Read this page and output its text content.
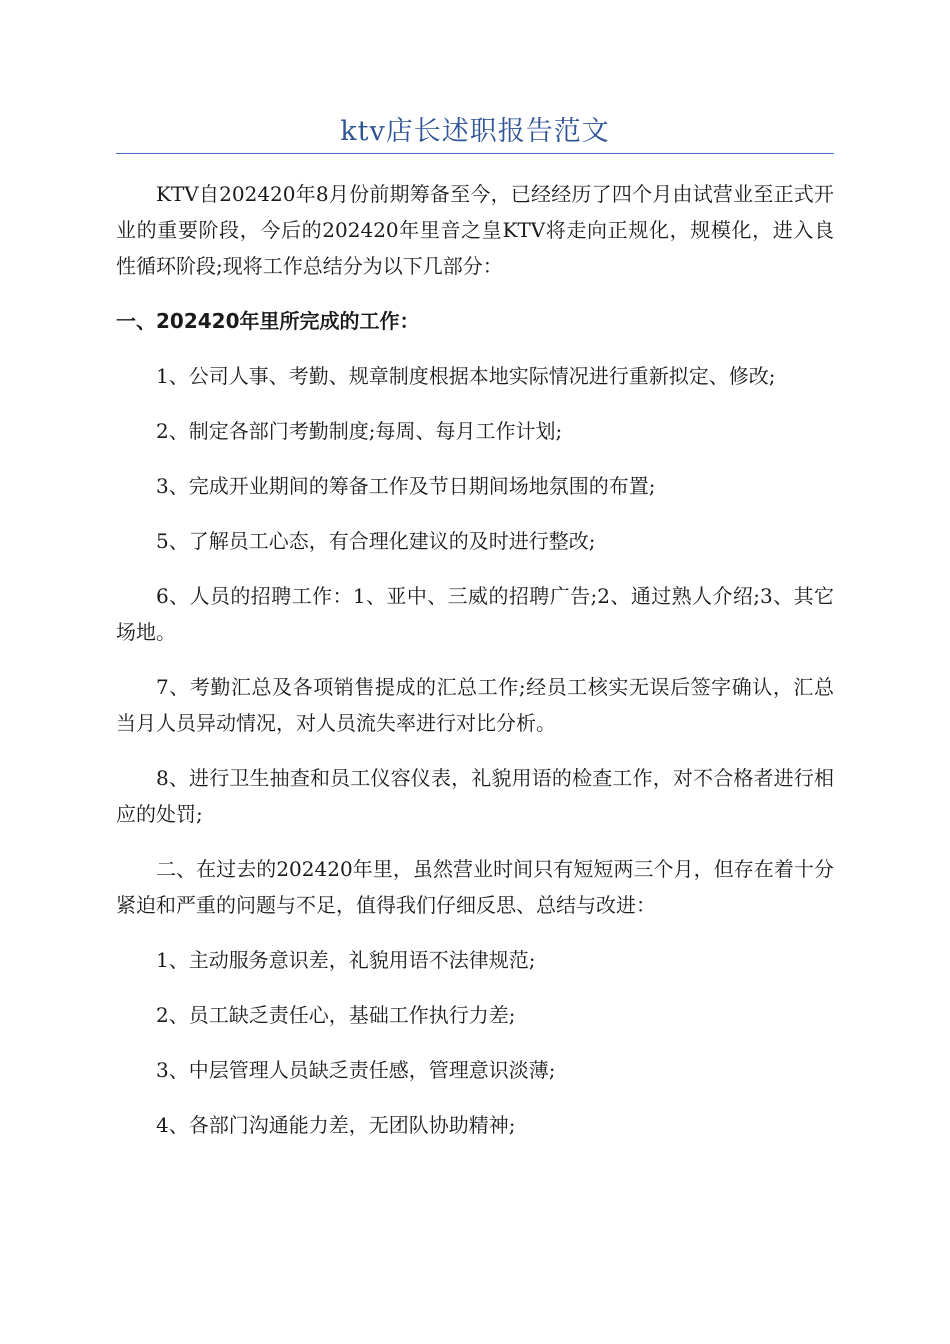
ktv店长述职报告范文

KTV自202420年8月份前期筹备至今，已经经历了四个月由试营业至正式开业的重要阶段，今后的202420年里音之皇KTV将走向正规化，规模化，进入良性循环阶段;现将工作总结分为以下几部分：

一、202420年里所完成的工作：

1、公司人事、考勤、规章制度根据本地实际情况进行重新拟定、修改;

2、制定各部门考勤制度;每周、每月工作计划;

3、完成开业期间的筹备工作及节日期间场地氛围的布置;

5、了解员工心态，有合理化建议的及时进行整改;

6、人员的招聘工作：1、亚中、三威的招聘广告;2、通过熟人介绍;3、其它场地。

7、考勤汇总及各项销售提成的汇总工作;经员工核实无误后签字确认，汇总当月人员异动情况，对人员流失率进行对比分析。

8、进行卫生抽查和员工仪容仪表，礼貌用语的检查工作，对不合格者进行相应的处罚;

二、在过去的202420年里，虽然营业时间只有短短两三个月，但存在着十分紧迫和严重的问题与不足，值得我们仔细反思、总结与改进：

1、主动服务意识差，礼貌用语不法律规范;

2、员工缺乏责任心，基础工作执行力差;

3、中层管理人员缺乏责任感，管理意识淡薄;

4、各部门沟通能力差，无团队协助精神;
